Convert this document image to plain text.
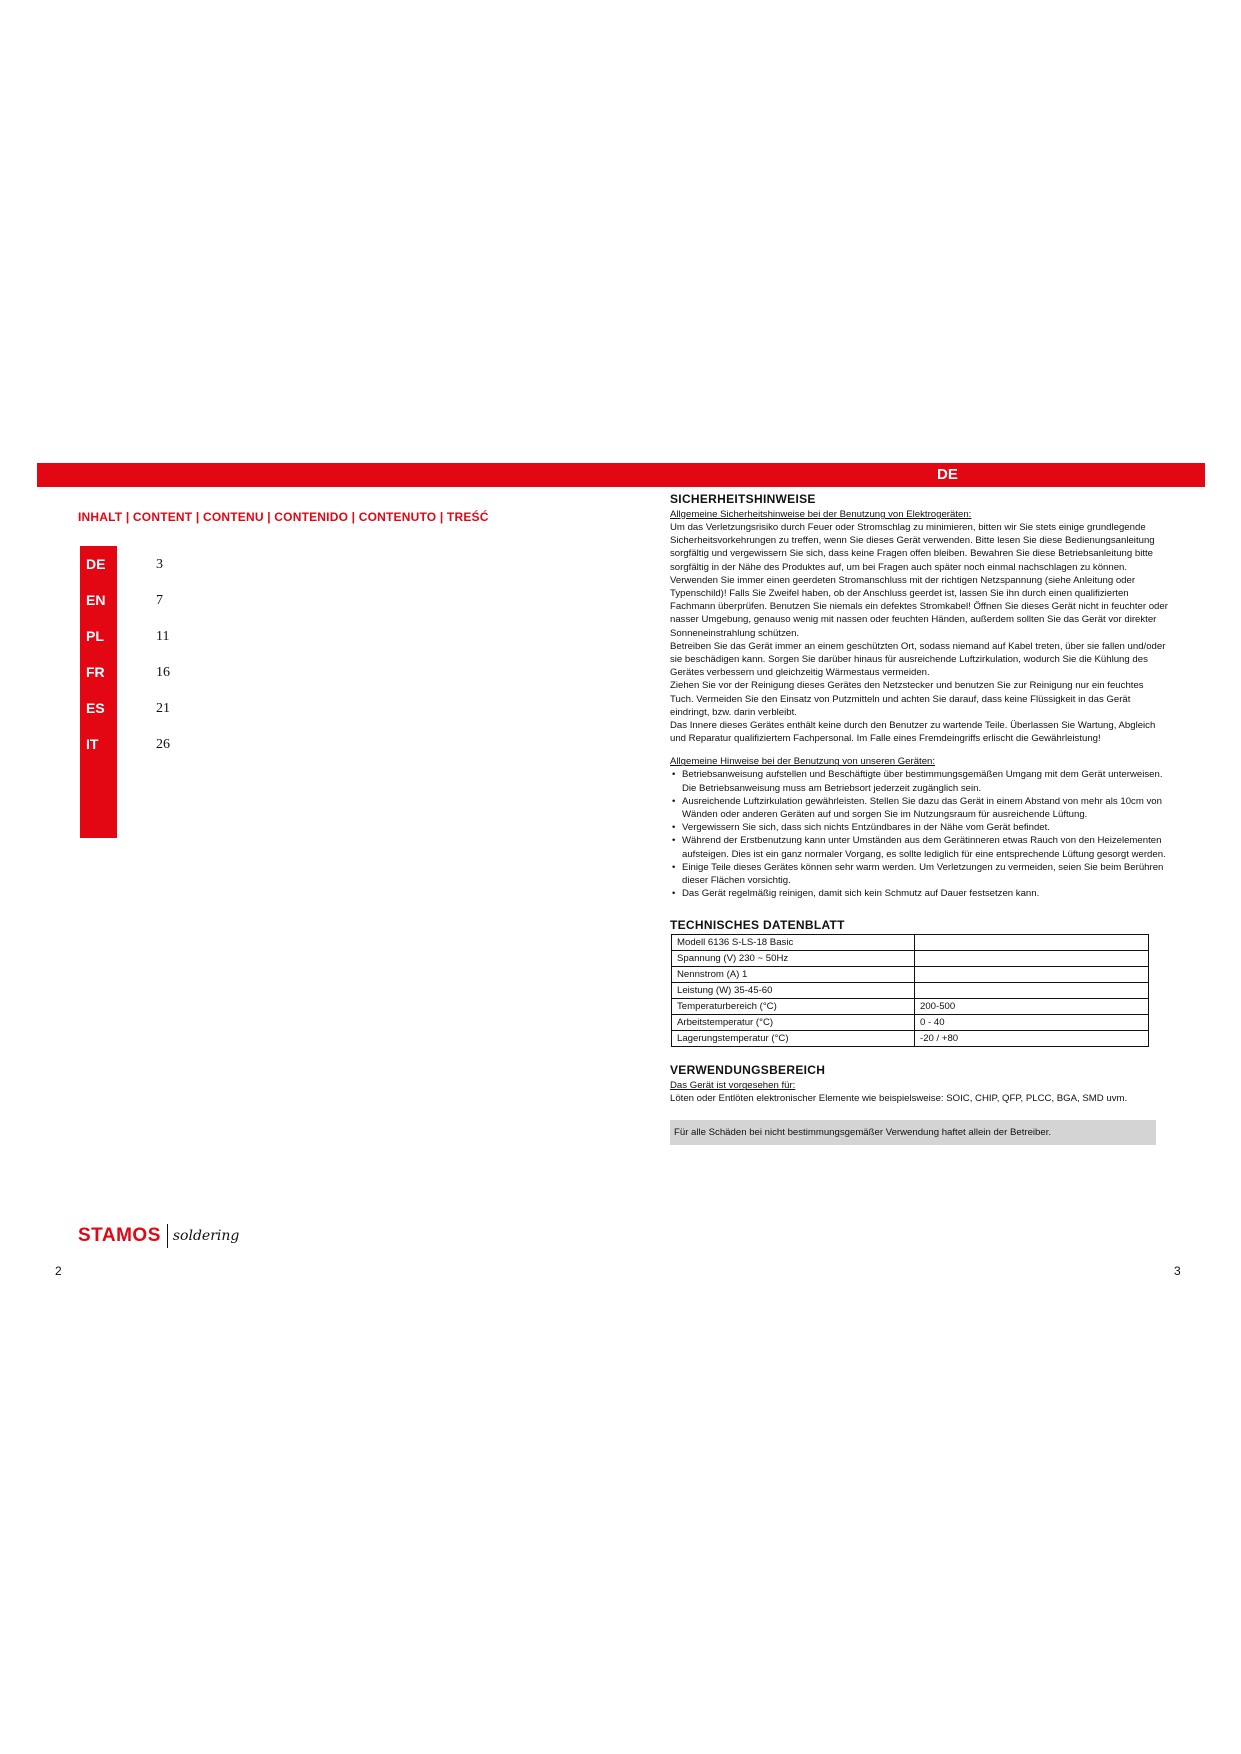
DE
INHALT | CONTENT | CONTENU | CONTENIDO | CONTENUTO | TREŚĆ
DE	3
EN	7
PL	11
FR	16
ES	21
IT	26
STAMOS soldering
2	3
SICHERHEITSHINWEISE

Allgemeine Sicherheitshinweise bei der Benutzung von Elektrogeräten:

Um das Verletzungsrisiko durch Feuer oder Stromschlag zu minimieren, bitten wir Sie stets einige grundlegende Sicherheitsvorkehrungen zu treffen, wenn Sie dieses Gerät verwenden. Bitte lesen Sie diese Bedienungsanleitung sorgfältig und vergewissern Sie sich, dass keine Fragen offen bleiben. Bewahren Sie diese Betriebsanleitung bitte sorgfältig in der Nähe des Produktes auf, um bei Fragen auch später noch einmal nachschlagen zu können. Verwenden Sie immer einen geerdeten Stromanschluss mit der richtigen Netzspannung (siehe Anleitung oder Typenschild)! Falls Sie Zweifel haben, ob der Anschluss geerdet ist, lassen Sie ihn durch einen qualifizierten Fachmann überprüfen. Benutzen Sie niemals ein defektes Stromkabel! Öffnen Sie dieses Gerät nicht in feuchter oder nasser Umgebung, genauso wenig mit nassen oder feuchten Händen, außerdem sollten Sie das Gerät vor direkter Sonneneinstrahlung schützen.

Betreiben Sie das Gerät immer an einem geschützten Ort, sodass niemand auf Kabel treten, über sie fallen und/oder sie beschädigen kann. Sorgen Sie darüber hinaus für ausreichende Luftzirkulation, wodurch Sie die Kühlung des Gerätes verbessern und gleichzeitig Wärmestaus vermeiden.

Ziehen Sie vor der Reinigung dieses Gerätes den Netzstecker und benutzen Sie zur Reinigung nur ein feuchtes Tuch. Vermeiden Sie den Einsatz von Putzmitteln und achten Sie darauf, dass keine Flüssigkeit in das Gerät eindringt, bzw. darin verbleibt.

Das Innere dieses Gerätes enthält keine durch den Benutzer zu wartende Teile. Überlassen Sie Wartung, Abgleich und Reparatur qualifiziertem Fachpersonal. Im Falle eines Fremdeingriffs erlischt die Gewährleistung!

Allgemeine Hinweise bei der Benutzung von unseren Geräten:

• Betriebsanweisung aufstellen und Beschäftigte über bestimmungsgemäßen Umgang mit dem Gerät unterweisen. Die Betriebsanweisung muss am Betriebsort jederzeit zugänglich sein.
• Ausreichende Luftzirkulation gewährleisten. Stellen Sie dazu das Gerät in einem Abstand von mehr als 10cm von Wänden oder anderen Geräten auf und sorgen Sie im Nutzungsraum für ausreichende Lüftung.
• Vergewissern Sie sich, dass sich nichts Entzündbares in der Nähe vom Gerät befindet.
• Während der Erstbenutzung kann unter Umständen aus dem Gerätinneren etwas Rauch von den Heizelementen aufsteigen. Dies ist ein ganz normaler Vorgang, es sollte lediglich für eine entsprechende Lüftung gesorgt werden.
• Einige Teile dieses Gerätes können sehr warm werden. Um Verletzungen zu vermeiden, seien Sie beim Berühren dieser Flächen vorsichtig.
• Das Gerät regelmäßig reinigen, damit sich kein Schmutz auf Dauer festsetzen kann.
TECHNISCHES DATENBLATT
Modell 6136 S-LS-18 Basic	
Spannung (V) 230 ~ 50Hz	
Nennstrom (A) 1	
Leistung (W) 35-45-60	
Temperaturbereich (°C)	200-500
Arbeitstemperatur (°C)	0 - 40
Lagerungstemperatur (°C)	-20 / +80
VERWENDUNGSBEREICH

Das Gerät ist vorgesehen für:

Löten oder Entlöten elektronischer Elemente wie beispielsweise: SOIC, CHIP, QFP, PLCC, BGA, SMD uvm.

Für alle Schäden bei nicht bestimmungsgemäßer Verwendung haftet allein der Betreiber.
